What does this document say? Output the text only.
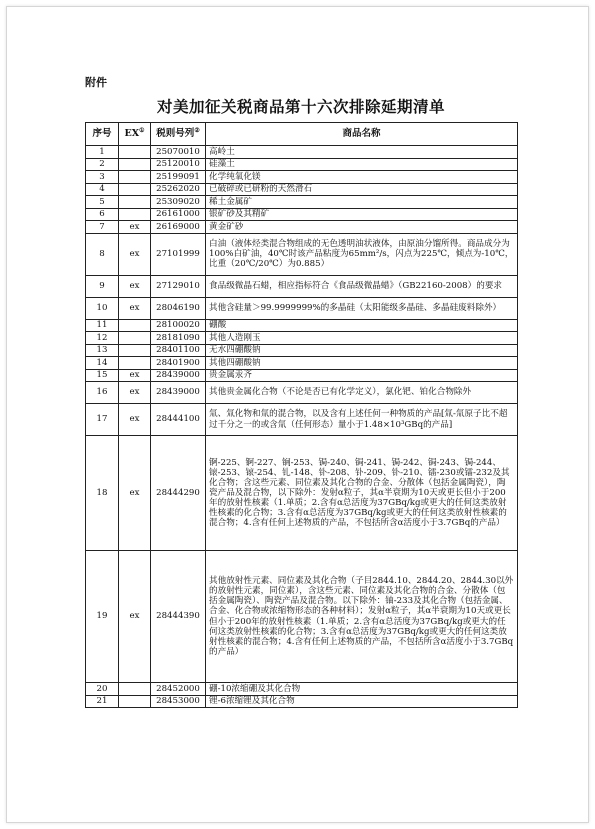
附件
对美加征关税商品第十六次排除延期清单
序号	EX①	税则号列②	商品名称
1		25070010	高岭土
2		25120010	硅藻土
3		25199091	化学纯氧化镁
4		25262020	已破碎或已研粉的天然滑石
5		25309020	稀土金属矿
6		26161000	银矿砂及其精矿
7	ex	26169000	黄金矿砂
8	ex	27101999	白油（液体烃类混合物组成的无色透明油状液体，由原油分馏所得。商品成分为100%白矿油，40℃时该产品粘度为65mm²/s，闪点为225℃，倾点为-10℃，比重（20℃/20℃）为0.885）
9	ex	27129010	食品级微晶石蜡，相应指标符合《食品级微晶蜡》（GB22160-2008）的要求
10	ex	28046190	其他含硅量＞99.9999999%的多晶硅（太阳能级多晶硅、多晶硅废料除外）
11		28100020	硼酸
12		28181090	其他人造刚玉
13		28401100	无水四硼酸钠
14		28401900	其他四硼酸钠
15	ex	28439000	贵金属汞齐
16	ex	28439000	其他贵金属化合物（不论是否已有化学定义），氯化钯、铂化合物除外
17	ex	28444100	氚、氚化物和氚的混合物，以及含有上述任何一种物质的产品[氚-氚原子比不超过千分之一的或含氚（任何形态）量小于1.48×10³GBq的产品]
18	ex	28444290	锕-225、锕-227、锎-253、锔-240、锔-241、锔-242、锔-243、锔-244、锿-253、锿-254、钆-148、钋-208、钋-209、钋-210、镭-230或镭-232及其化合物；含这些元素、同位素及其化合物的合金、分散体（包括金属陶瓷），陶瓷产品及混合物，以下除外：发射α粒子，其α半衰期为10天或更长但小于200年的放射性核素（1.单质；2.含有α总活度为37GBq/kg或更大的任何这类放射性核素的化合物；3.含有α总活度为37GBq/kg或更大的任何这类放射性核素的混合物；4.含有任何上述物质的产品，不包括所含α活度小于3.7GBq的产品）
19	ex	28444390	其他放射性元素、同位素及其化合物（子目2844.10、2844.20、2844.30以外的放射性元素，同位素），含这些元素、同位素及其化合物的合金、分散体（包括金属陶瓷）、陶瓷产品及混合物。以下除外：铀-233及其化合物（包括金属、合金、化合物或浓缩物形态的各种材料）；发射α粒子，其α半衰期为10天或更长但小于200年的放射性核素（1.单质；2.含有α总活度为37GBq/kg或更大的任何这类放射性核素的化合物；3.含有α总活度为37GBq/kg或更大的任何这类放射性核素的混合物；4.含有任何上述物质的产品，不包括所含α活度小于3.7GBq的产品）
20		28452000	硼-10浓缩硼及其化合物
21		28453000	锂-6浓缩锂及其化合物
